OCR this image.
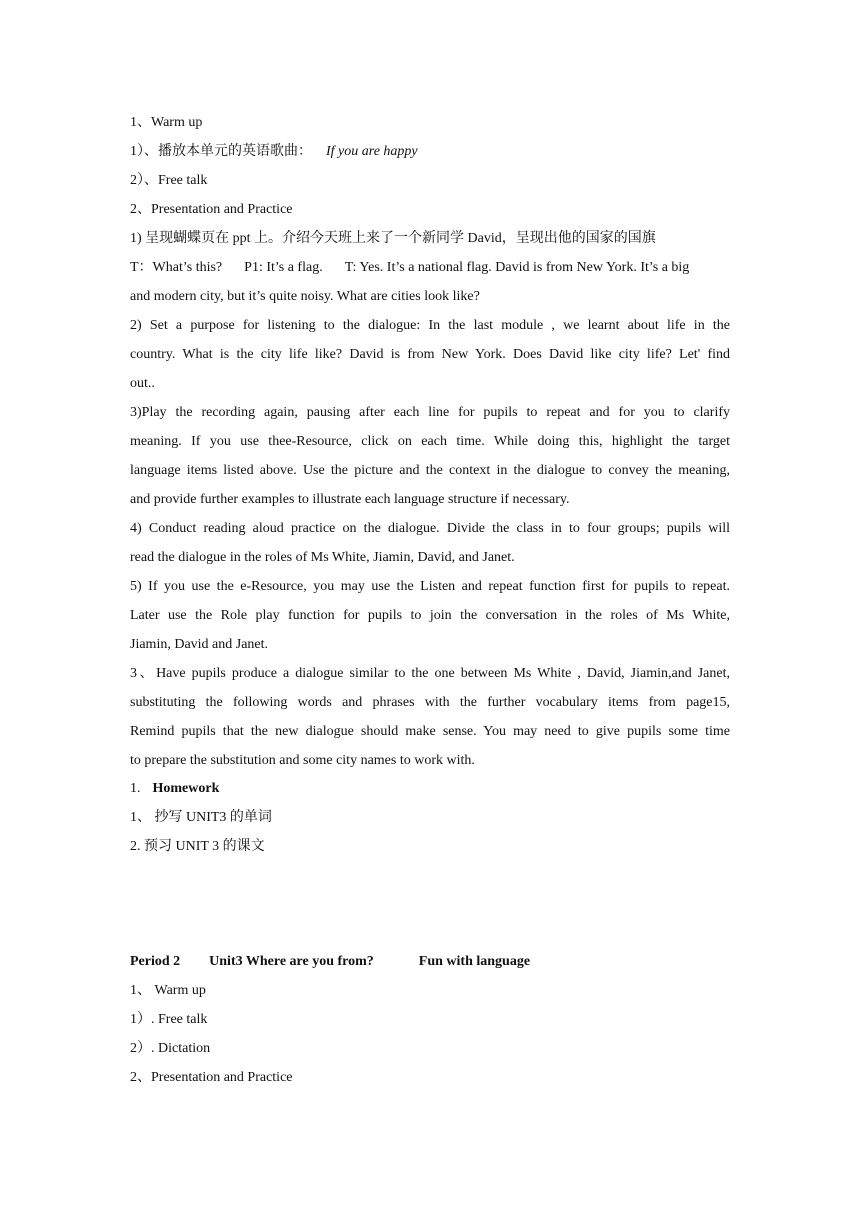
1、Warm up
1）、播放本单元的英语歌曲： If you are happy
2）、Free talk
2、Presentation and Practice
1) 呈现蝴蝶页在 ppt 上。介绍今天班上来了一个新同学 David，呈现出他的国家的国旗
T：What’s this? P1: It’s a flag. T: Yes. It’s a national flag. David is from New York. It’s a big
and modern city, but it’s quite noisy. What are cities look like?
2) Set a purpose for listening to the dialogue: In the last module , we learnt about life in the
country. What is the city life like? David is from New York. Does David like city life? Let' find
out..
3)Play the recording again, pausing after each line for pupils to repeat and for you to clarify
meaning. If you use thee-Resource, click on each time. While doing this, highlight the target
language items listed above. Use the picture and the context in the dialogue to convey the meaning,
and provide further examples to illustrate each language structure if necessary.
4) Conduct reading aloud practice on the dialogue. Divide the class in to four groups; pupils will
read the dialogue in the roles of Ms White, Jiamin, David, and Janet.
5) If you use the e-Resource, you may use the Listen and repeat function first for pupils to repeat.
Later use the Role play function for pupils to join the conversation in the roles of Ms White,
Jiamin, David and Janet.
3、Have pupils produce a dialogue similar to the one between Ms White , David, Jiamin,and Janet,
substituting the following words and phrases with the further vocabulary items from page15,
Remind pupils that the new dialogue should make sense. You may need to give pupils some time
to prepare the substitution and some city names to work with.
1. Homework
1、 抄写 UNIT3 的单词
2. 预习 UNIT 3 的课文
Period 2 Unit3 Where are you from?	Fun with language
1、 Warm up
1）. Free talk
2）. Dictation
2、Presentation and Practice
